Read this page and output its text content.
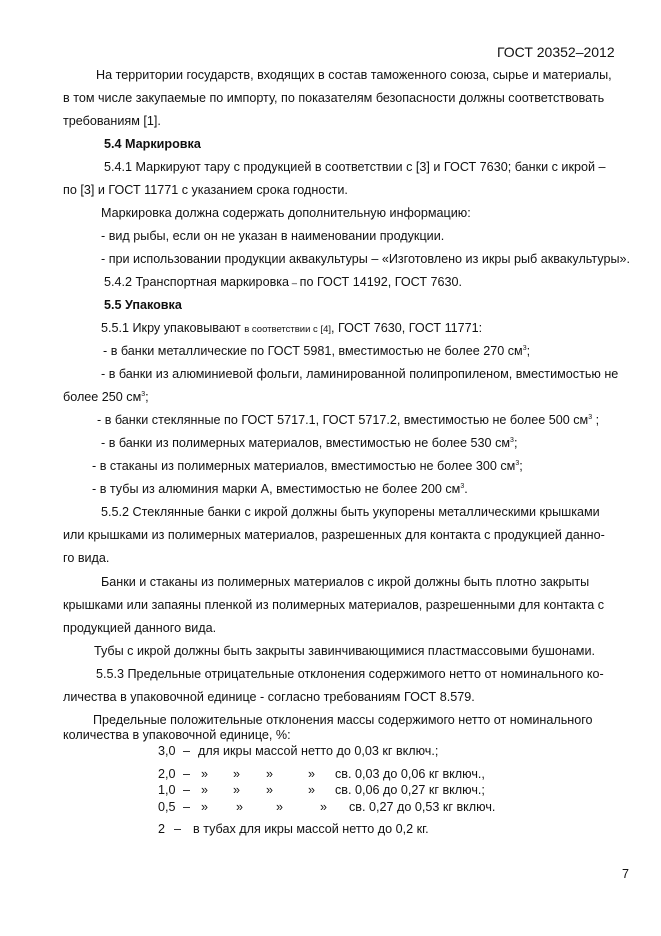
ГОСТ 20352–2012
На территории государств, входящих в состав таможенного союза, сырье и материалы,
в том числе закупаемые по импорту, по показателям безопасности должны соответствовать
требованиям [1].
5.4 Маркировка
5.4.1 Маркируют тару с продукцией в соответствии с [3] и ГОСТ 7630; банки с икрой –
по [3] и ГОСТ 11771 с указанием срока годности.
Маркировка должна содержать дополнительную информацию:
- вид рыбы, если он не указан в наименовании продукции.
- при использовании продукции аквакультуры – «Изготовлено из икры рыб аквакультуры».
5.4.2 Транспортная маркировка – по ГОСТ 14192, ГОСТ 7630.
5.5 Упаковка
5.5.1 Икру упаковывают в соответствии с [4], ГОСТ 7630, ГОСТ 11771:
- в банки металлические по ГОСТ 5981, вместимостью не более 270 $см^3$;
- в банки из алюминиевой фольги, ламинированной полипропиленом, вместимостью не
более 250 $см^3$;
- в банки стеклянные по ГОСТ 5717.1, ГОСТ 5717.2, вместимостью не более 500 $см^3$ ;
- в банки из полимерных материалов, вместимостью не более 530 $см^3$;
- в стаканы из полимерных материалов, вместимостью не более 300 $см^3$;
- в тубы из алюминия марки А, вместимостью не более 200 $см^3$.
5.5.2 Стеклянные банки с икрой должны быть укупорены металлическими крышками
или крышками из полимерных материалов, разрешенных для контакта с продукцией данно-
го вида.
Банки и стаканы из полимерных материалов с икрой должны быть плотно закрыты
крышками или запаяны пленкой из полимерных материалов, разрешенными для контакта с
продукцией данного вида.
Тубы с икрой должны быть закрыты завинчивающимися пластмассовыми бушонами.
5.5.3 Предельные отрицательные отклонения содержимого нетто от номинального ко-
личества в упаковочной единице - согласно требованиям ГОСТ 8.579.
Предельные положительные отклонения массы содержимого нетто от номинального
количества в упаковочной единице, %:
3,0 – для икры массой нетто до 0,03 кг включ.;
2,0 – » » »	» св. 0,03 до 0,06 кг включ.,
1,0 – » » »	» св. 0,06 до 0,27 кг включ.;
0,5 – » »	»	» св. 0,27 до 0,53 кг включ.
2 – в тубах для икры массой нетто до 0,2 кг.
7
